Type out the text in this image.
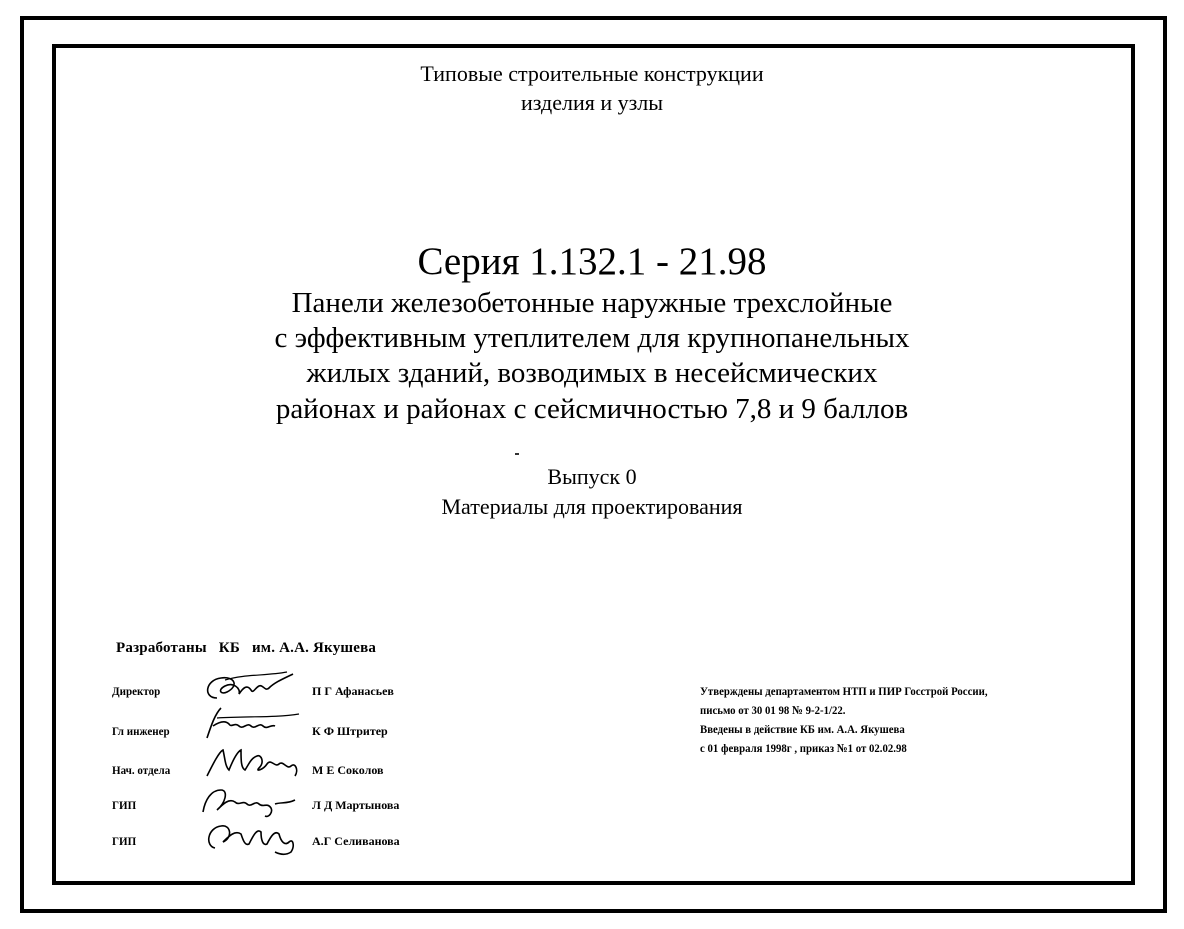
Типовые строительные конструкции
изделия и узлы
Серия 1.132.1 - 21.98
Панели железобетонные наружные трехслойные
с эффективным утеплителем для крупнопанельных
жилых зданий, возводимых в несейсмических
районах и районах с сейсмичностью 7,8 и 9 баллов
Выпуск 0
Материалы для проектирования
Разработаны КБ им. А.А. Якушева
Директор	П Г Афанасьев
Гл инженер	К Ф Штритер
Нач. отдела	М Е Соколов
ГИП	Л Д Мартынова
ГИП	А.Г Селиванова
Утверждены департаментом НТП и ПИР Госстрой России,
письмо от 30 01 98 № 9-2-1/22.
Введены в действие КБ им. А.А. Якушева
с 01 февраля 1998г , приказ №1 от 02.02.98
